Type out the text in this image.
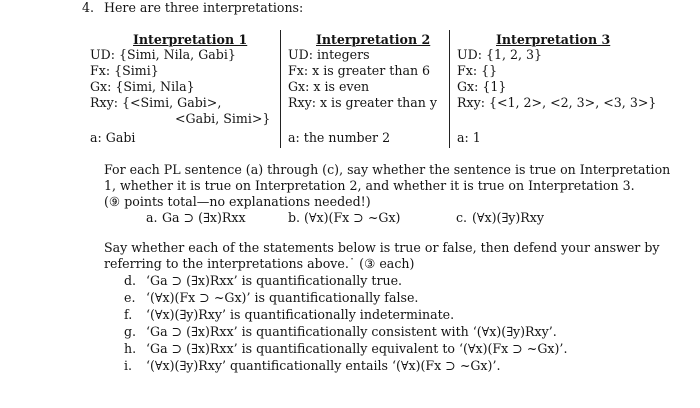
4. Here are three interpretations:
Interpretation 1
UD: {Simi, Nila, Gabi}
Fx: {Simi}
Gx: {Simi, Nila}
Rxy: {<Simi, Gabi>,
<Gabi, Simi>}
a: Gabi
Interpretation 2
UD: integers
Fx: x is greater than 6
Gx: x is even
Rxy: x is greater than y
a: the number 2
Interpretation 3
UD: {1, 2, 3}
Fx: {}
Gx: {1}
Rxy: {<1, 2>, <2, 3>, <3, 3>}
a: 1
For each PL sentence (a) through (c), say whether the sentence is true on Interpretation
1, whether it is true on Interpretation 2, and whether it is true on Interpretation 3.
(⑨ points total—no explanations needed!)
a. Ga ⊃ (∃x)Rxx	b. (∀x)(Fx ⊃ ~Gx)	c. (∀x)(∃y)Rxy
Say whether each of the statements below is true or false, then defend your answer by
referring to the interpretations above.˙ (③ each)
d. ‘Ga ⊃ (∃x)Rxx’ is quantificationally true.
e. ‘(∀x)(Fx ⊃ ~Gx)’ is quantificationally false.
f. ‘(∀x)(∃y)Rxy’ is quantificationally indeterminate.
g. ‘Ga ⊃ (∃x)Rxx’ is quantificationally consistent with ‘(∀x)(∃y)Rxy’.
h. ‘Ga ⊃ (∃x)Rxx’ is quantificationally equivalent to ‘(∀x)(Fx ⊃ ~Gx)’.
i. ‘(∀x)(∃y)Rxy’ quantificationally entails ‘(∀x)(Fx ⊃ ~Gx)’.
